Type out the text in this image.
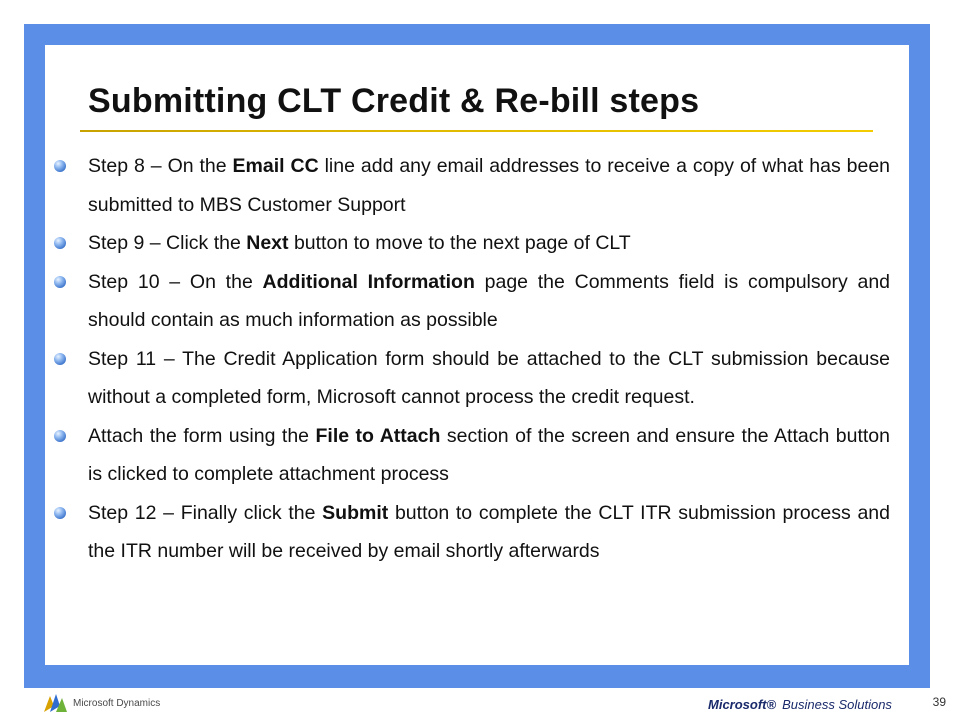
Submitting CLT Credit & Re-bill steps
Step 8 – On the Email CC line add any email addresses to receive a copy of what has been submitted to MBS Customer Support
Step 9 – Click the Next button to move to the next page of CLT
Step 10 – On the Additional Information page the Comments field is compulsory and should contain as much information as possible
Step 11 – The Credit Application form should be attached to the CLT submission because without a completed form, Microsoft cannot process the credit request.
Attach the form using the File to Attach section of the screen and ensure the Attach button is clicked to complete attachment process
Step 12 – Finally click the Submit button to complete the CLT ITR submission process and the ITR number will be received by email shortly afterwards
Microsoft Dynamics	Microsoft® Business Solutions	39
